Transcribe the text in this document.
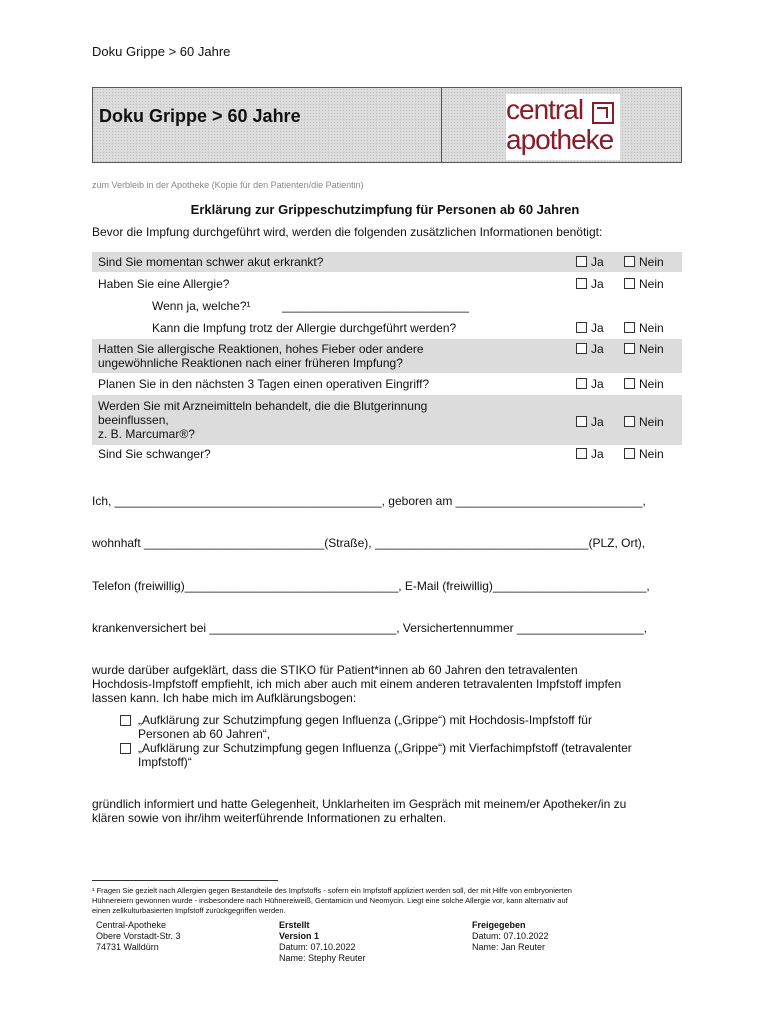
Doku Grippe > 60 Jahre
Doku Grippe > 60 Jahre	central
apotheke
zum Verbleib in der Apotheke (Kopie für den Patienten/die Patientin)
Erklärung zur Grippeschutzimpfung für Personen ab 60 Jahren
Bevor die Impfung durchgeführt wird, werden die folgenden zusätzlichen Informationen benötigt:
Sind Sie momentan schwer akut erkrankt?	Ja	Nein
Haben Sie eine Allergie?	Ja	Nein
Wenn ja, welche?¹	____________________________
Kann die Impfung trotz der Allergie durchgeführt werden?	Ja	Nein
Hatten Sie allergische Reaktionen, hohes Fieber oder andere
ungewöhnliche Reaktionen nach einer früheren Impfung?
Ja	Nein
Planen Sie in den nächsten 3 Tagen einen operativen Eingriff?	Ja	Nein
Werden Sie mit Arzneimitteln behandelt, die die Blutgerinnung
beeinflussen,
z. B. Marcumar®?
Ja	Nein
Sind Sie schwanger?	Ja	Nein
Ich, ________________________________________, geboren am ____________________________,
wohnhaft ___________________________(Straße), ________________________________(PLZ, Ort),
Telefon (freiwillig)________________________________, E-Mail (freiwillig)_______________________,
krankenversichert bei ____________________________, Versichertennummer ___________________,
wurde darüber aufgeklärt, dass die STIKO für Patient*innen ab 60 Jahren den tetravalenten
Hochdosis-Impfstoff empfiehlt, ich mich aber auch mit einem anderen tetravalenten Impfstoff impfen
lassen kann. Ich habe mich im Aufklärungsbogen:
„Aufklärung zur Schutzimpfung gegen Influenza („Grippe“) mit Hochdosis-Impfstoff für
Personen ab 60 Jahren“,
„Aufklärung zur Schutzimpfung gegen Influenza („Grippe“) mit Vierfachimpfstoff (tetravalenter
Impfstoff)“
gründlich informiert und hatte Gelegenheit, Unklarheiten im Gespräch mit meinem/er Apotheker/in zu
klären sowie von ihr/ihm weiterführende Informationen zu erhalten.
¹ Fragen Sie gezielt nach Allergien gegen Bestandteile des Impfstoffs - sofern ein Impfstoff appliziert werden soll, der mit Hilfe von embryonierten
Hühnereiern gewonnen wurde - insbesondere nach Hühnereiweiß, Gentamicin und Neomycin. Liegt eine solche Allergie vor, kann alternativ auf
einen zellkulturbasierten Impfstoff zurückgegriffen werden.
Central-Apotheke
Obere Vorstadt-Str. 3
74731 Walldürn
Erstellt
Version 1
Datum: 07.10.2022
Name: Stephy Reuter
Freigegeben
Datum: 07.10.2022
Name: Jan Reuter
